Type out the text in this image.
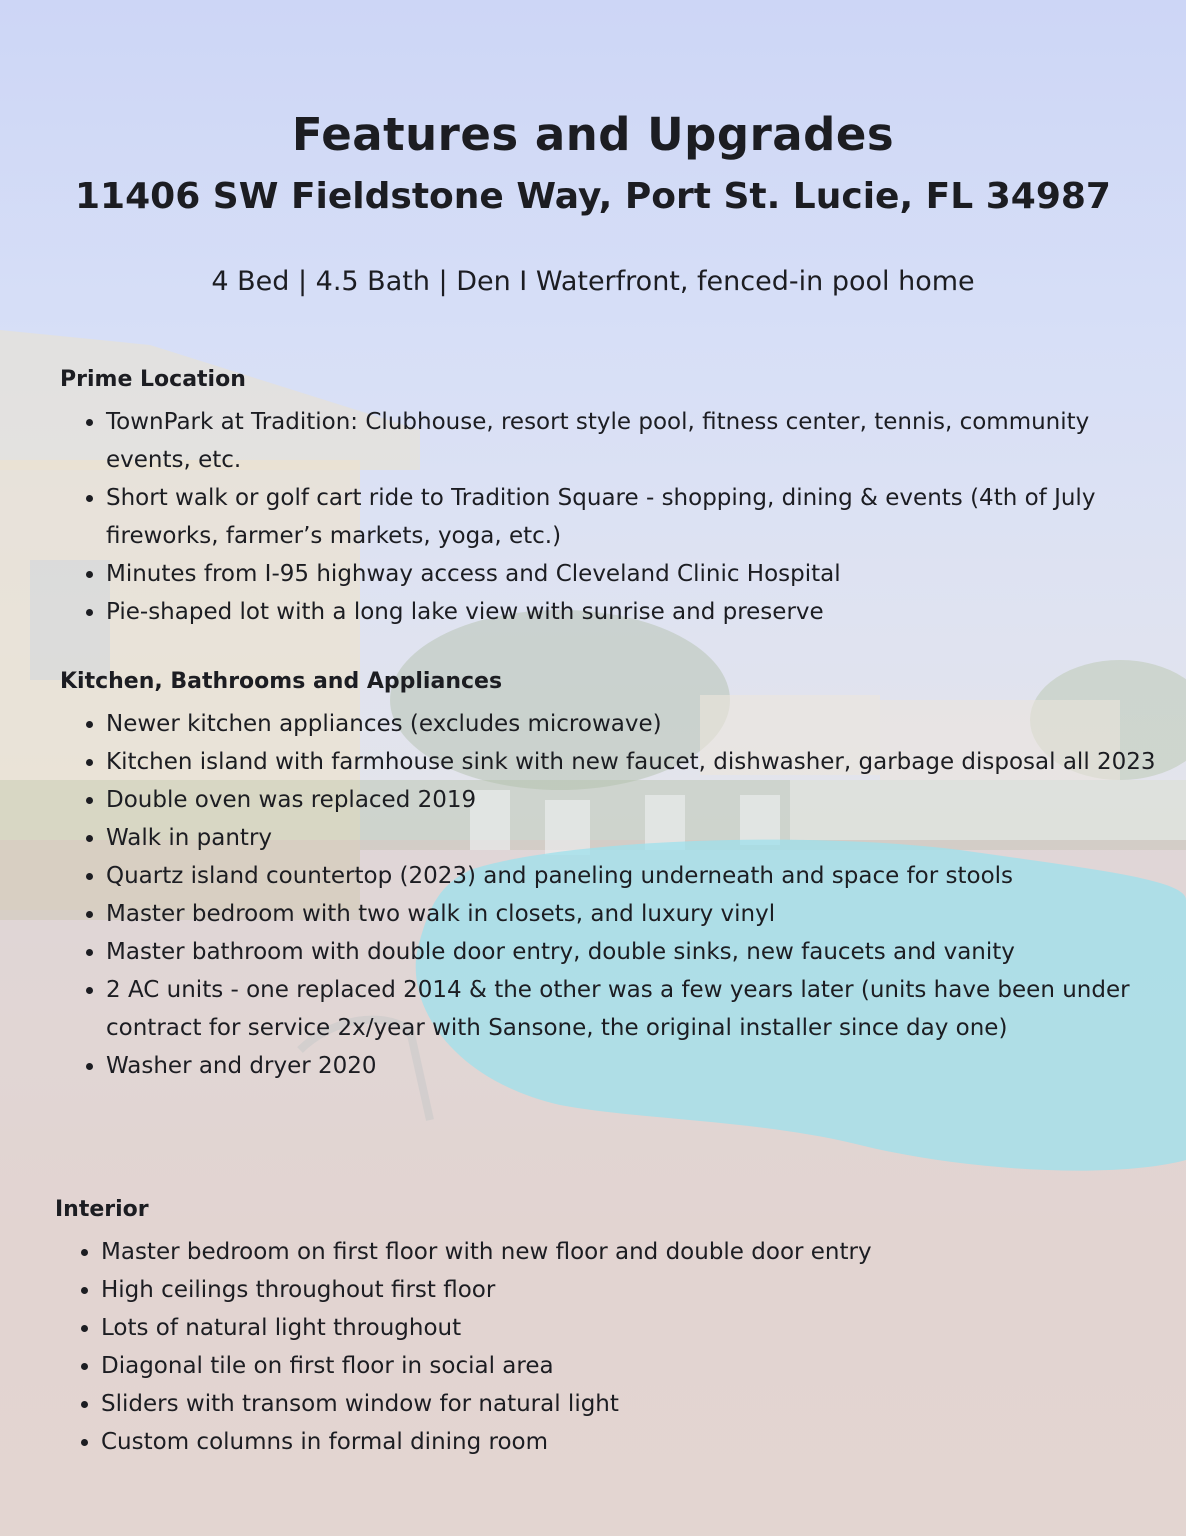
Features and Upgrades
11406 SW Fieldstone Way, Port St. Lucie, FL 34987
4 Bed | 4.5 Bath | Den I Waterfront, fenced-in pool home
Prime Location
• TownPark at Tradition: Clubhouse, resort style pool, fitness center, tennis, community events, etc.
• Short walk or golf cart ride to Tradition Square - shopping, dining & events (4th of July fireworks, farmer’s markets, yoga, etc.)
• Minutes from I-95 highway access and Cleveland Clinic Hospital
• Pie-shaped lot with a long lake view with sunrise and preserve
Kitchen, Bathrooms and Appliances
• Newer kitchen appliances (excludes microwave)
• Kitchen island with farmhouse sink with new faucet, dishwasher, garbage disposal all 2023
• Double oven was replaced 2019
• Walk in pantry
• Quartz island countertop (2023) and paneling underneath and space for stools
• Master bedroom with two walk in closets, and luxury vinyl
• Master bathroom with double door entry, double sinks, new faucets and vanity
• 2 AC units - one replaced 2014 & the other was a few years later (units have been under contract for service 2x/year with Sansone, the original installer since day one)
• Washer and dryer 2020
Interior
• Master bedroom on first floor with new floor and double door entry
• High ceilings throughout first floor
• Lots of natural light throughout
• Diagonal tile on first floor in social area
• Sliders with transom window for natural light
• Custom columns in formal dining room
